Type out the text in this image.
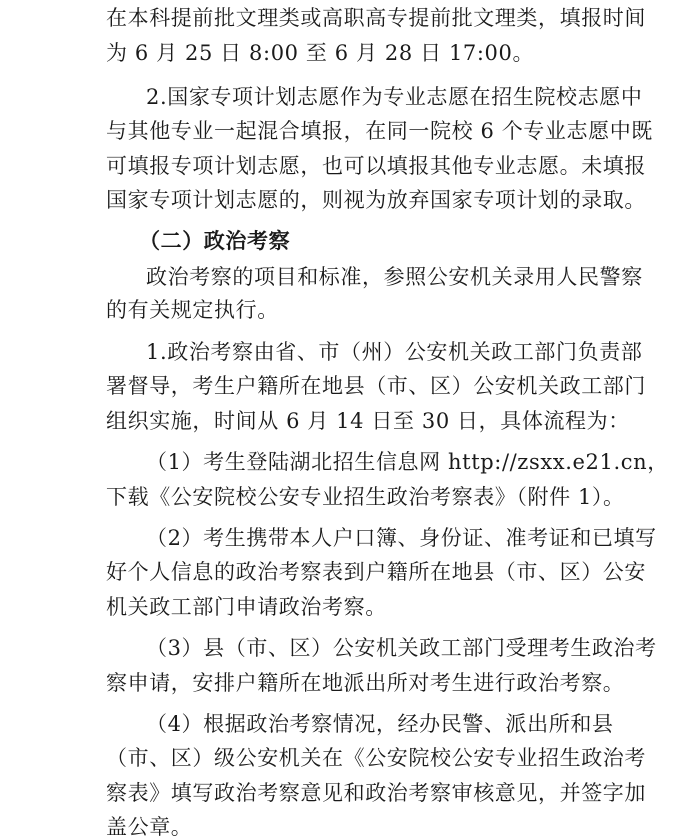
在本科提前批文理类或高职高专提前批文理类，填报时间

为 6 月 25 日 8:00 至 6 月 28 日 17:00。

2.国家专项计划志愿作为专业志愿在招生院校志愿中

与其他专业一起混合填报，在同一院校 6 个专业志愿中既

可填报专项计划志愿，也可以填报其他专业志愿。未填报

国家专项计划志愿的，则视为放弃国家专项计划的录取。

（二）政治考察

政治考察的项目和标准，参照公安机关录用人民警察

的有关规定执行。

1.政治考察由省、市（州）公安机关政工部门负责部

署督导，考生户籍所在地县（市、区）公安机关政工部门

组织实施，时间从 6 月 14 日至 30 日，具体流程为：

（1）考生登陆湖北招生信息网 http://zsxx.e21.cn，

下载《公安院校公安专业招生政治考察表》（附件 1）。

（2）考生携带本人户口簿、身份证、准考证和已填写

好个人信息的政治考察表到户籍所在地县（市、区）公安

机关政工部门申请政治考察。

（3）县（市、区）公安机关政工部门受理考生政治考

察申请，安排户籍所在地派出所对考生进行政治考察。

（4）根据政治考察情况，经办民警、派出所和县

（市、区）级公安机关在《公安院校公安专业招生政治考

察表》填写政治考察意见和政治考察审核意见，并签字加

盖公章。
